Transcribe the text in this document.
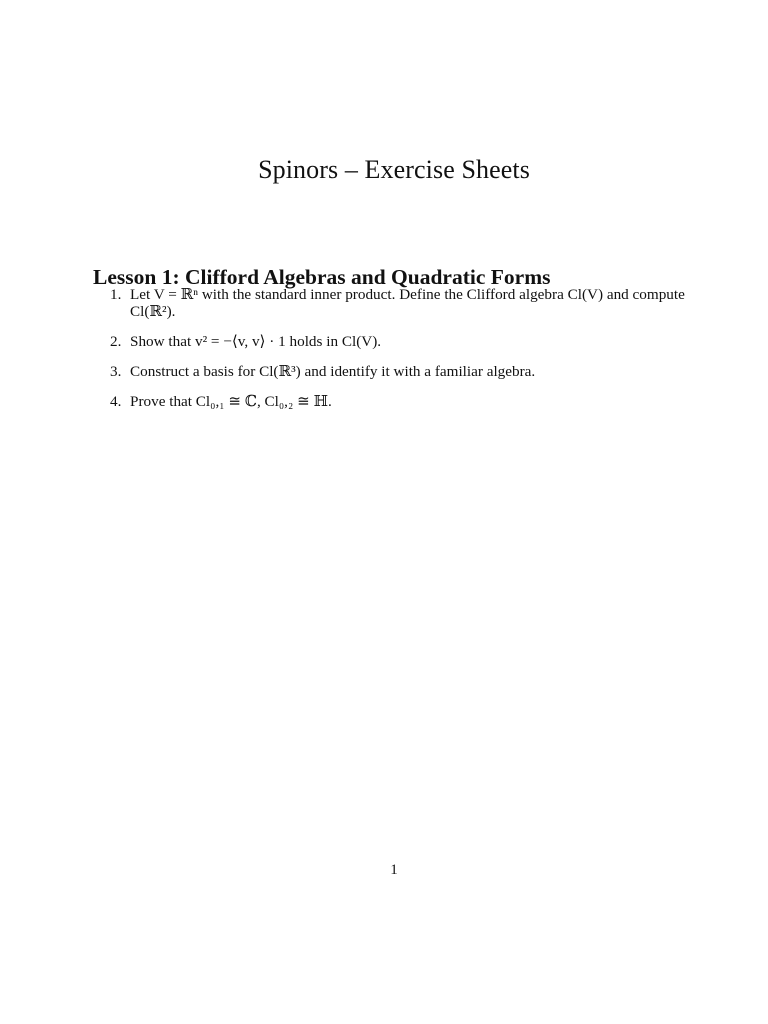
Spinors – Exercise Sheets
Lesson 1: Clifford Algebras and Quadratic Forms
1. Let V = ℝⁿ with the standard inner product. Define the Clifford algebra Cl(V) and compute Cl(ℝ²).
2. Show that v² = −⟨v, v⟩ · 1 holds in Cl(V).
3. Construct a basis for Cl(ℝ³) and identify it with a familiar algebra.
4. Prove that Cl₀,₁ ≅ ℂ, Cl₀,₂ ≅ ℍ.
1
